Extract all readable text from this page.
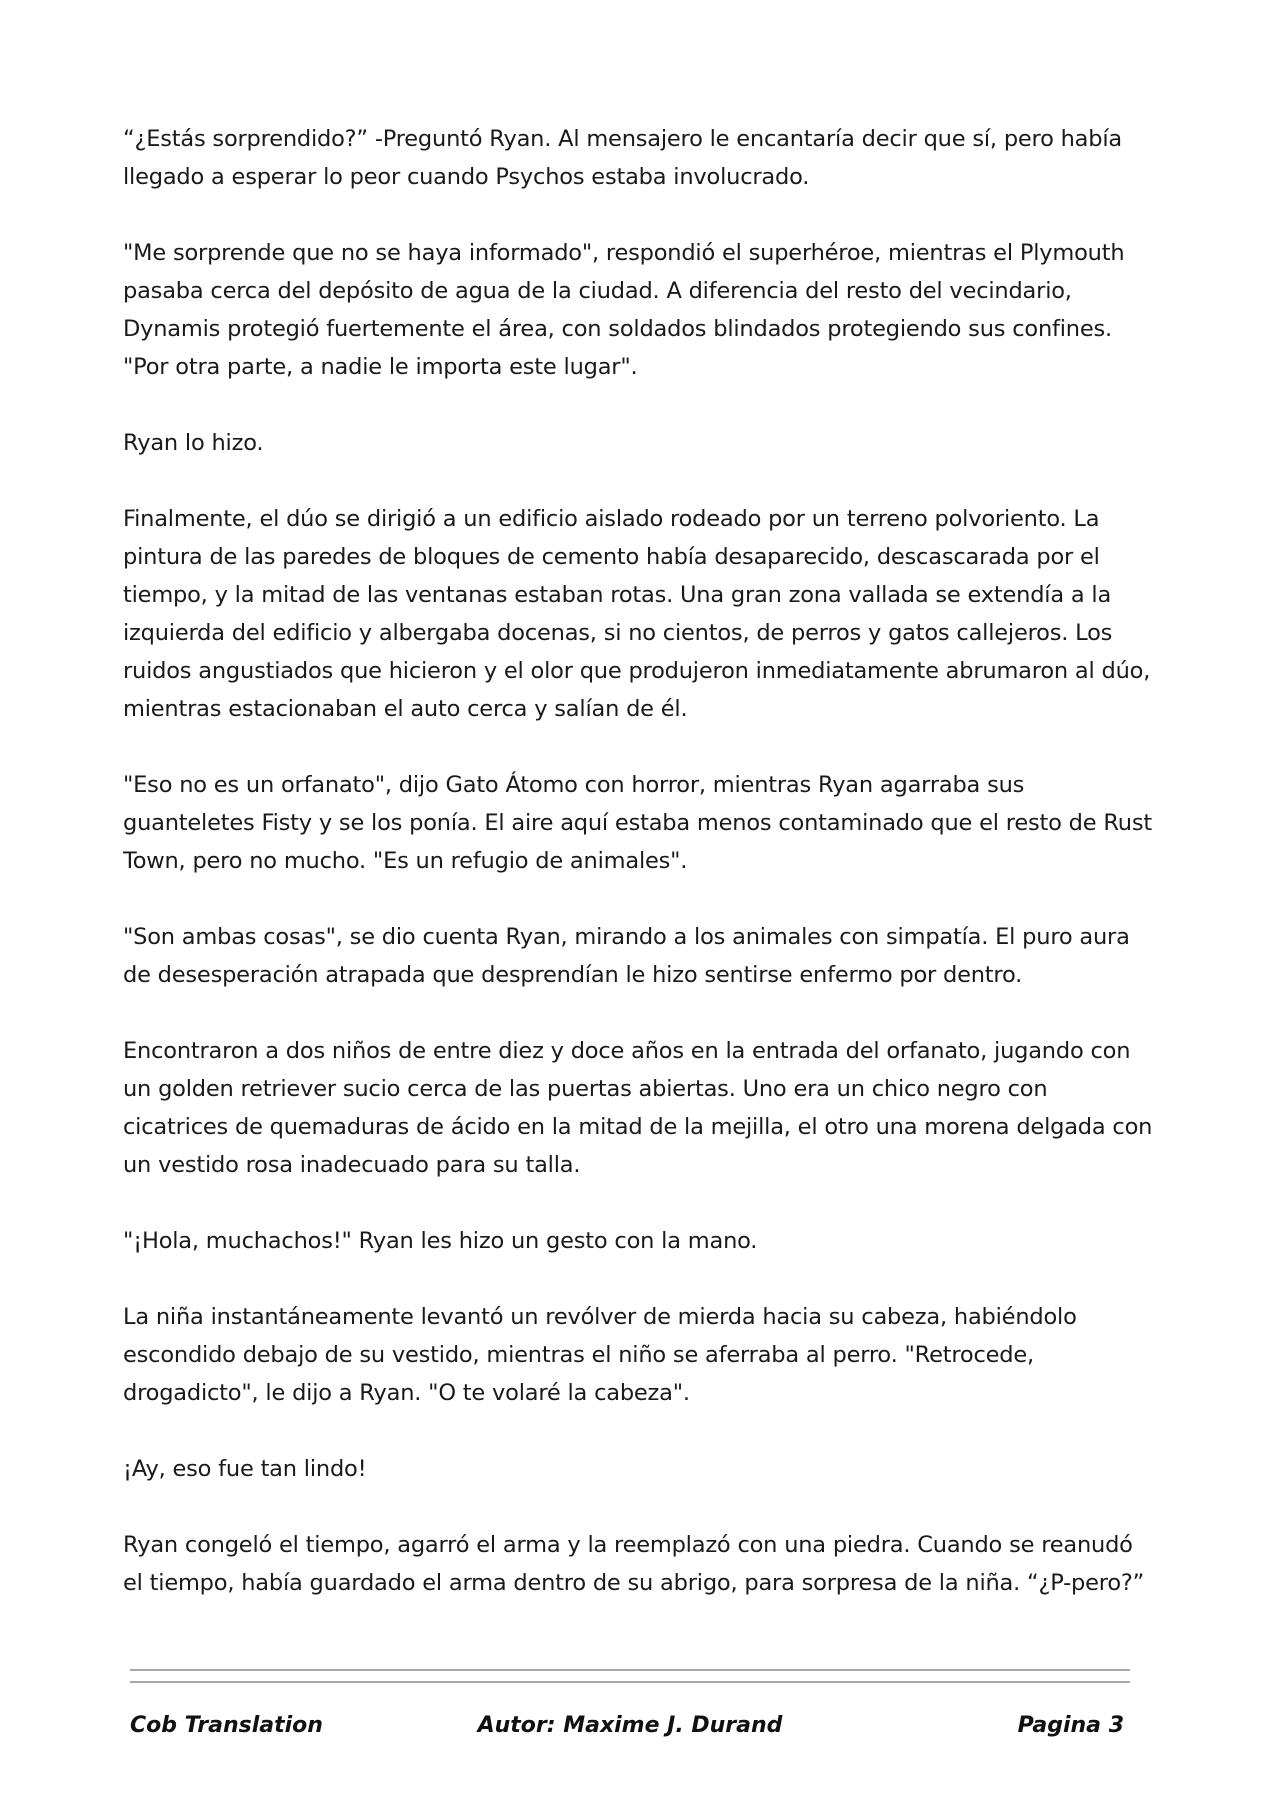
“¿Estás sorprendido?” -Preguntó Ryan. Al mensajero le encantaría decir que sí, pero había llegado a esperar lo peor cuando Psychos estaba involucrado.

"Me sorprende que no se haya informado", respondió el superhéroe, mientras el Plymouth pasaba cerca del depósito de agua de la ciudad. A diferencia del resto del vecindario, Dynamis protegió fuertemente el área, con soldados blindados protegiendo sus confines. "Por otra parte, a nadie le importa este lugar".

Ryan lo hizo.

Finalmente, el dúo se dirigió a un edificio aislado rodeado por un terreno polvoriento. La pintura de las paredes de bloques de cemento había desaparecido, descascarada por el tiempo, y la mitad de las ventanas estaban rotas. Una gran zona vallada se extendía a la izquierda del edificio y albergaba docenas, si no cientos, de perros y gatos callejeros. Los ruidos angustiados que hicieron y el olor que produjeron inmediatamente abrumaron al dúo, mientras estacionaban el auto cerca y salían de él.

"Eso no es un orfanato", dijo Gato Átomo con horror, mientras Ryan agarraba sus guanteletes Fisty y se los ponía. El aire aquí estaba menos contaminado que el resto de Rust Town, pero no mucho. "Es un refugio de animales".

"Son ambas cosas", se dio cuenta Ryan, mirando a los animales con simpatía. El puro aura de desesperación atrapada que desprendían le hizo sentirse enfermo por dentro.

Encontraron a dos niños de entre diez y doce años en la entrada del orfanato, jugando con un golden retriever sucio cerca de las puertas abiertas. Uno era un chico negro con cicatrices de quemaduras de ácido en la mitad de la mejilla, el otro una morena delgada con un vestido rosa inadecuado para su talla.

"¡Hola, muchachos!" Ryan les hizo un gesto con la mano.

La niña instantáneamente levantó un revólver de mierda hacia su cabeza, habiéndolo escondido debajo de su vestido, mientras el niño se aferraba al perro. "Retrocede, drogadicto", le dijo a Ryan. "O te volaré la cabeza".

¡Ay, eso fue tan lindo!

Ryan congeló el tiempo, agarró el arma y la reemplazó con una piedra. Cuando se reanudó el tiempo, había guardado el arma dentro de su abrigo, para sorpresa de la niña. “¿P-pero?”

Cob Translation	Autor: Maxime J. Durand	Pagina 3
